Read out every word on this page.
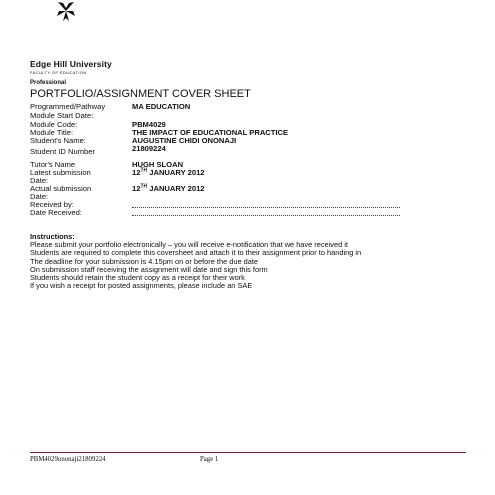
Edge Hill University
FACULTY OF EDUCATION
Professional
PORTFOLIO/ASSIGNMENT COVER SHEET
Programmed/Pathway	MA EDUCATION
Module Start Date:
Module Code:	PBM4029
Module Title:	THE IMPACT OF EDUCATIONAL PRACTICE
Student's Name:	AUGUSTINE CHIDI ONONAJI
Student ID Number	21809224
Tutor's Name	HUGH SLOAN
Latest submission	12TH JANUARY 2012
Date:
Actual submission	12TH JANUARY 2012
Date:
Received by:
Date Received:
Instructions:
Please submit your portfolio electronically – you will receive e-notification that we have received it
Students are required to complete this coversheet and attach it to their assignment prior to handing in
The deadline for your submission is 4.15pm on or before the due date
On submission staff receiving the assignment will date and sign this form
Students should retain the student copy as a receipt for their work
If you wish a receipt for posted assignments, please include an SAE
PBM4029ononaji21809224	Page 1
